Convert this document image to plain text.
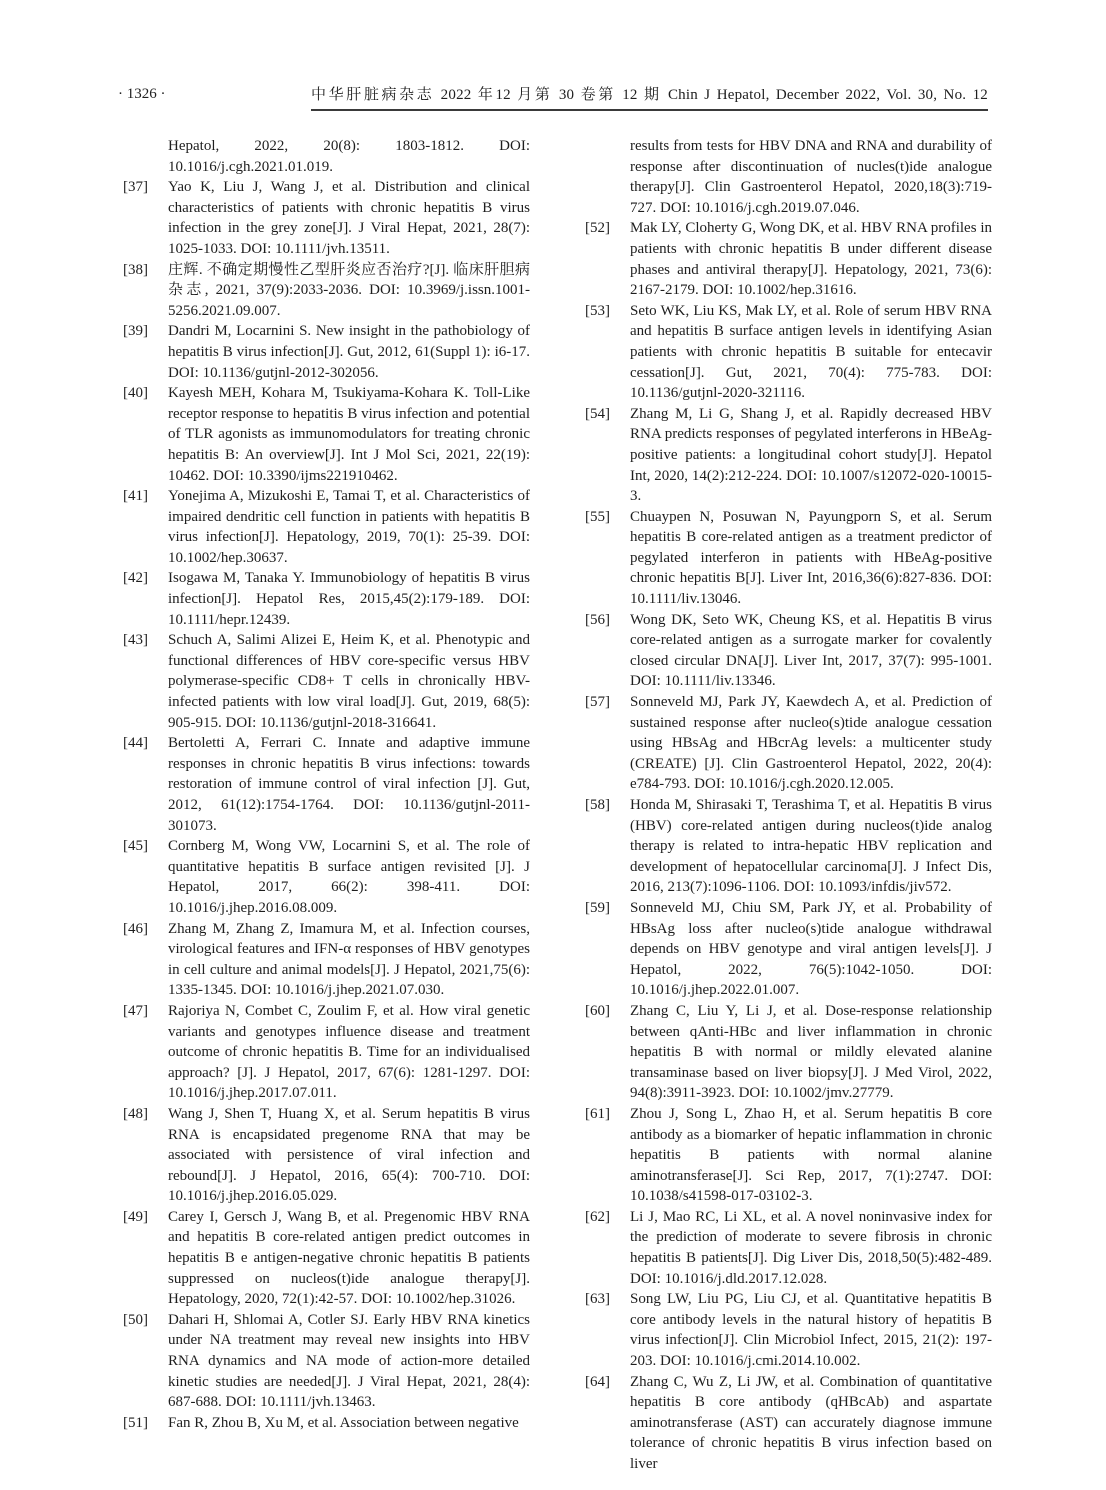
· 1326 ·	中华肝脏病杂志 2022 年12 月第 30 卷第 12 期 Chin J Hepatol, December 2022, Vol. 30, No. 12
Hepatol, 2022, 20(8): 1803-1812. DOI: 10.1016/j.cgh.2021.01.019.
[37] Yao K, Liu J, Wang J, et al. Distribution and clinical characteristics of patients with chronic hepatitis B virus infection in the grey zone[J]. J Viral Hepat, 2021, 28(7): 1025-1033. DOI: 10.1111/jvh.13511.
[38] 庄辉. 不确定期慢性乙型肝炎应否治疗?[J]. 临床肝胆病杂志, 2021, 37(9):2033-2036. DOI: 10.3969/j.issn.1001-5256.2021.09.007.
[39] Dandri M, Locarnini S. New insight in the pathobiology of hepatitis B virus infection[J]. Gut, 2012, 61(Suppl 1): i6-17. DOI: 10.1136/gutjnl-2012-302056.
[40] Kayesh MEH, Kohara M, Tsukiyama-Kohara K. Toll-Like receptor response to hepatitis B virus infection and potential of TLR agonists as immunomodulators for treating chronic hepatitis B: An overview[J]. Int J Mol Sci, 2021, 22(19): 10462. DOI: 10.3390/ijms221910462.
[41] Yonejima A, Mizukoshi E, Tamai T, et al. Characteristics of impaired dendritic cell function in patients with hepatitis B virus infection[J]. Hepatology, 2019, 70(1): 25-39. DOI: 10.1002/hep.30637.
[42] Isogawa M, Tanaka Y. Immunobiology of hepatitis B virus infection[J]. Hepatol Res, 2015,45(2):179-189. DOI: 10.1111/hepr.12439.
[43] Schuch A, Salimi Alizei E, Heim K, et al. Phenotypic and functional differences of HBV core-specific versus HBV polymerase-specific CD8+ T cells in chronically HBV-infected patients with low viral load[J]. Gut, 2019, 68(5): 905-915. DOI: 10.1136/gutjnl-2018-316641.
[44] Bertoletti A, Ferrari C. Innate and adaptive immune responses in chronic hepatitis B virus infections: towards restoration of immune control of viral infection [J]. Gut, 2012, 61(12):1754-1764. DOI: 10.1136/gutjnl-2011-301073.
[45] Cornberg M, Wong VW, Locarnini S, et al. The role of quantitative hepatitis B surface antigen revisited [J]. J Hepatol, 2017, 66(2): 398-411. DOI: 10.1016/j.jhep.2016.08.009.
[46] Zhang M, Zhang Z, Imamura M, et al. Infection courses, virological features and IFN-α responses of HBV genotypes in cell culture and animal models[J]. J Hepatol, 2021,75(6): 1335-1345. DOI: 10.1016/j.jhep.2021.07.030.
[47] Rajoriya N, Combet C, Zoulim F, et al. How viral genetic variants and genotypes influence disease and treatment outcome of chronic hepatitis B. Time for an individualised approach? [J]. J Hepatol, 2017, 67(6): 1281-1297. DOI: 10.1016/j.jhep.2017.07.011.
[48] Wang J, Shen T, Huang X, et al. Serum hepatitis B virus RNA is encapsidated pregenome RNA that may be associated with persistence of viral infection and rebound[J]. J Hepatol, 2016, 65(4): 700-710. DOI: 10.1016/j.jhep.2016.05.029.
[49] Carey I, Gersch J, Wang B, et al. Pregenomic HBV RNA and hepatitis B core-related antigen predict outcomes in hepatitis B e antigen-negative chronic hepatitis B patients suppressed on nucleos(t)ide analogue therapy[J]. Hepatology, 2020, 72(1):42-57. DOI: 10.1002/hep.31026.
[50] Dahari H, Shlomai A, Cotler SJ. Early HBV RNA kinetics under NA treatment may reveal new insights into HBV RNA dynamics and NA mode of action-more detailed kinetic studies are needed[J]. J Viral Hepat, 2021, 28(4): 687-688. DOI: 10.1111/jvh.13463.
[51] Fan R, Zhou B, Xu M, et al. Association between negative
results from tests for HBV DNA and RNA and durability of response after discontinuation of nucles(t)ide analogue therapy[J]. Clin Gastroenterol Hepatol, 2020,18(3):719-727. DOI: 10.1016/j.cgh.2019.07.046.
[52] Mak LY, Cloherty G, Wong DK, et al. HBV RNA profiles in patients with chronic hepatitis B under different disease phases and antiviral therapy[J]. Hepatology, 2021, 73(6): 2167-2179. DOI: 10.1002/hep.31616.
[53] Seto WK, Liu KS, Mak LY, et al. Role of serum HBV RNA and hepatitis B surface antigen levels in identifying Asian patients with chronic hepatitis B suitable for entecavir cessation[J]. Gut, 2021, 70(4): 775-783. DOI: 10.1136/gutjnl-2020-321116.
[54] Zhang M, Li G, Shang J, et al. Rapidly decreased HBV RNA predicts responses of pegylated interferons in HBeAg-positive patients: a longitudinal cohort study[J]. Hepatol Int, 2020, 14(2):212-224. DOI: 10.1007/s12072-020-10015-3.
[55] Chuaypen N, Posuwan N, Payungporn S, et al. Serum hepatitis B core-related antigen as a treatment predictor of pegylated interferon in patients with HBeAg-positive chronic hepatitis B[J]. Liver Int, 2016,36(6):827-836. DOI: 10.1111/liv.13046.
[56] Wong DK, Seto WK, Cheung KS, et al. Hepatitis B virus core-related antigen as a surrogate marker for covalently closed circular DNA[J]. Liver Int, 2017, 37(7): 995-1001. DOI: 10.1111/liv.13346.
[57] Sonneveld MJ, Park JY, Kaewdech A, et al. Prediction of sustained response after nucleo(s)tide analogue cessation using HBsAg and HBcrAg levels: a multicenter study (CREATE) [J]. Clin Gastroenterol Hepatol, 2022, 20(4): e784-793. DOI: 10.1016/j.cgh.2020.12.005.
[58] Honda M, Shirasaki T, Terashima T, et al. Hepatitis B virus (HBV) core-related antigen during nucleos(t)ide analog therapy is related to intra-hepatic HBV replication and development of hepatocellular carcinoma[J]. J Infect Dis, 2016, 213(7):1096-1106. DOI: 10.1093/infdis/jiv572.
[59] Sonneveld MJ, Chiu SM, Park JY, et al. Probability of HBsAg loss after nucleo(s)tide analogue withdrawal depends on HBV genotype and viral antigen levels[J]. J Hepatol, 2022, 76(5):1042-1050. DOI: 10.1016/j.jhep.2022.01.007.
[60] Zhang C, Liu Y, Li J, et al. Dose-response relationship between qAnti-HBc and liver inflammation in chronic hepatitis B with normal or mildly elevated alanine transaminase based on liver biopsy[J]. J Med Virol, 2022, 94(8):3911-3923. DOI: 10.1002/jmv.27779.
[61] Zhou J, Song L, Zhao H, et al. Serum hepatitis B core antibody as a biomarker of hepatic inflammation in chronic hepatitis B patients with normal alanine aminotransferase[J]. Sci Rep, 2017, 7(1):2747. DOI: 10.1038/s41598-017-03102-3.
[62] Li J, Mao RC, Li XL, et al. A novel noninvasive index for the prediction of moderate to severe fibrosis in chronic hepatitis B patients[J]. Dig Liver Dis, 2018,50(5):482-489. DOI: 10.1016/j.dld.2017.12.028.
[63] Song LW, Liu PG, Liu CJ, et al. Quantitative hepatitis B core antibody levels in the natural history of hepatitis B virus infection[J]. Clin Microbiol Infect, 2015, 21(2): 197-203. DOI: 10.1016/j.cmi.2014.10.002.
[64] Zhang C, Wu Z, Li JW, et al. Combination of quantitative hepatitis B core antibody (qHBcAb) and aspartate aminotransferase (AST) can accurately diagnose immune tolerance of chronic hepatitis B virus infection based on liver
